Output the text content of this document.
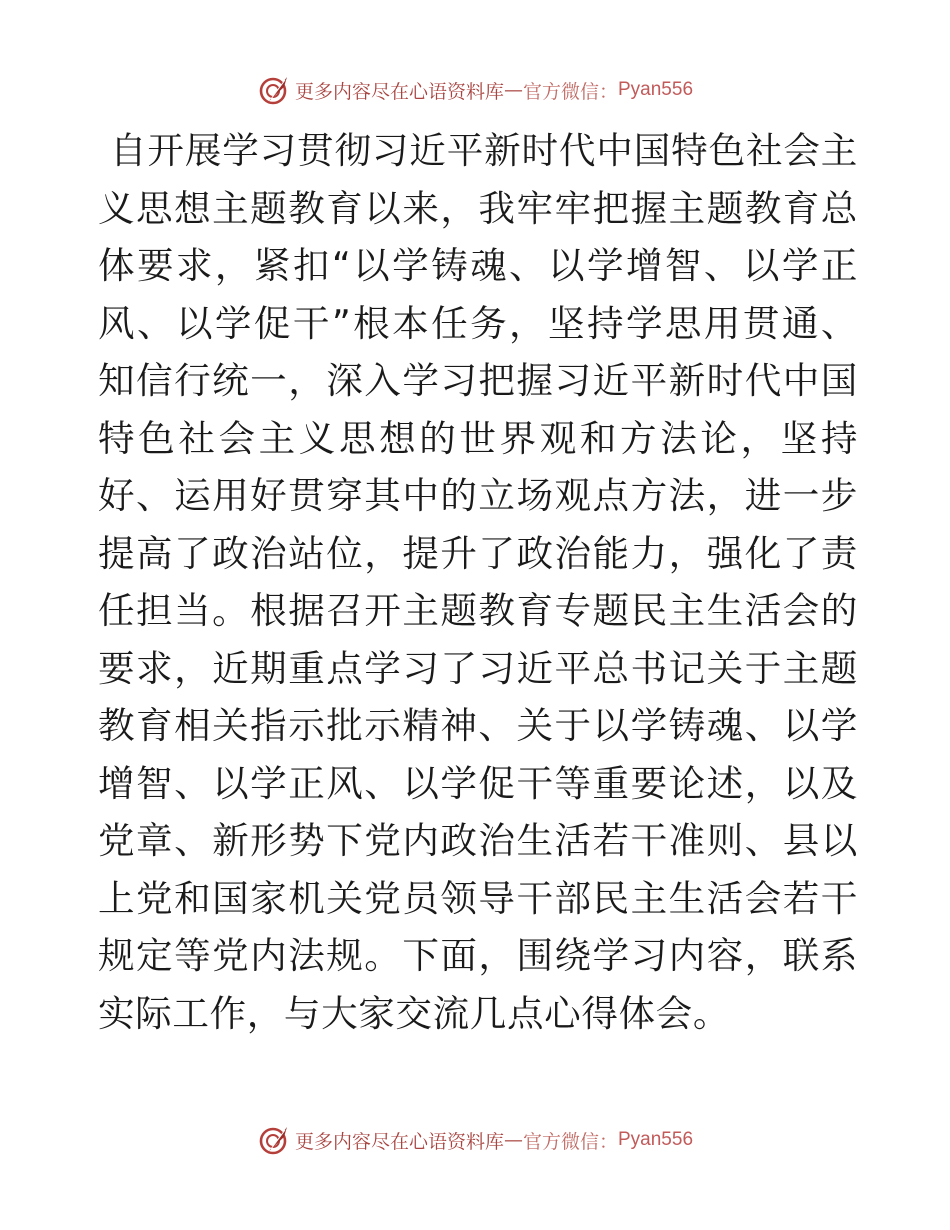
更多内容尽在心语资料库 — 官方微信： Pyan556

自开展学习贯彻习近平新时代中国特色社会主义思想主题教育以来，我牢牢把握主题教育总体要求，紧扣“以学铸魂、以学增智、以学正风、以学促干”根本任务，坚持学思用贯通、知信行统一，深入学习把握习近平新时代中国特色社会主义思想的世界观和方法论，坚持好、运用好贯穿其中的立场观点方法，进一步提高了政治站位，提升了政治能力，强化了责任担当。根据召开主题教育专题民主生活会的要求，近期重点学习了习近平总书记关于主题教育相关指示批示精神、关于以学铸魂、以学增智、以学正风、以学促干等重要论述，以及党章、新形势下党内政治生活若干准则、县以上党和国家机关党员领导干部民主生活会若干规定等党内法规。下面，围绕学习内容，联系实际工作，与大家交流几点心得体会。

更多内容尽在心语资料库 — 官方微信： Pyan556
